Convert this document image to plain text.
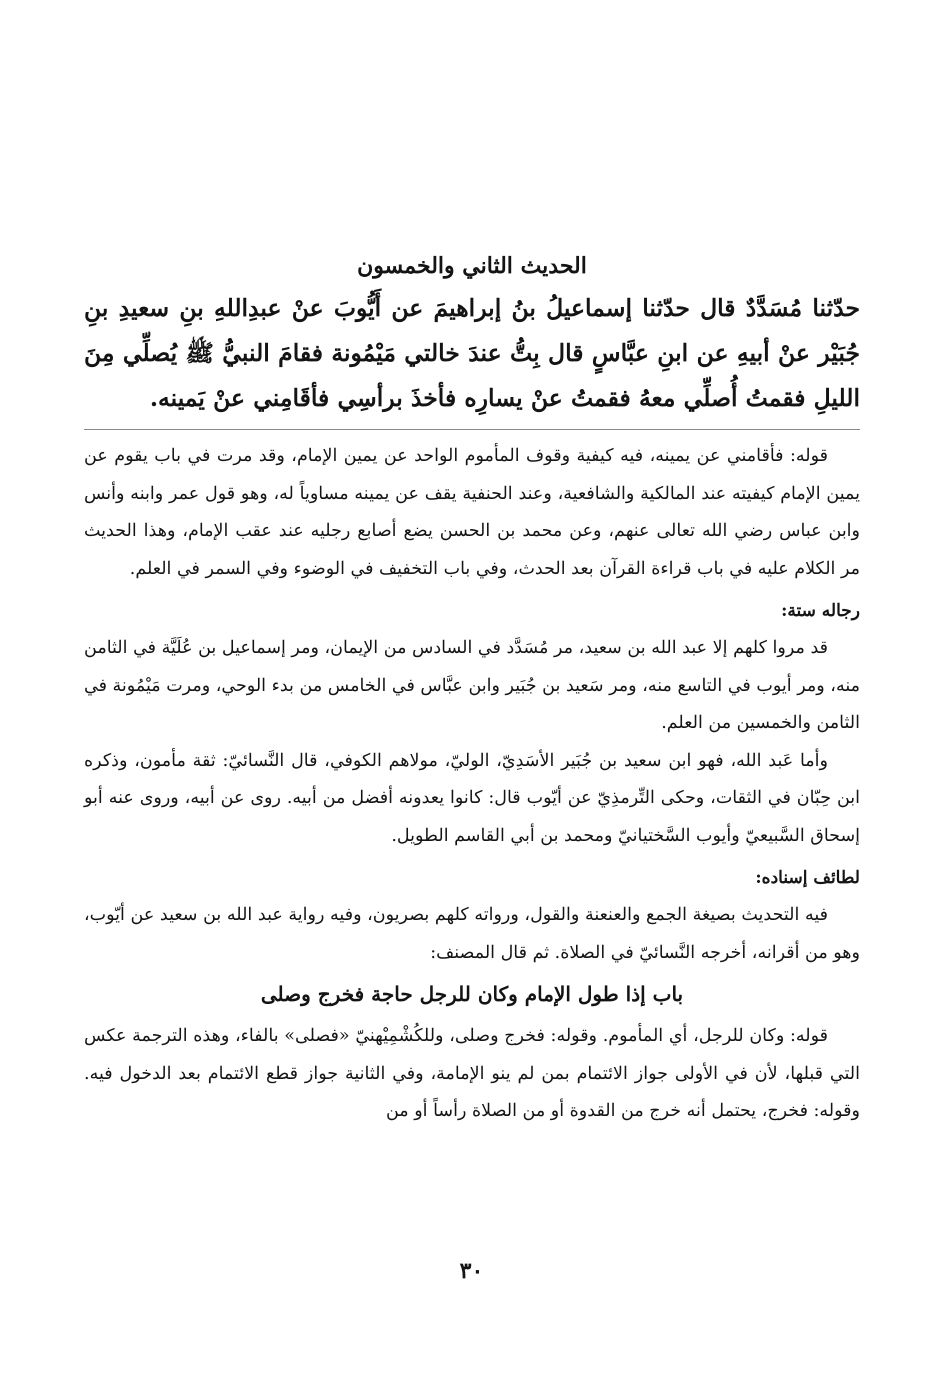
الحديث الثاني والخمسون

حدّثنا مُسَدَّدٌ قال حدّثنا إسماعيلُ بنُ إبراهيمَ عن أَيُّوبَ عنْ عبدِاللهِ بنِ سعيدِ بنِ جُبَيْر عنْ أبيهِ عن ابنِ عبَّاسٍ قال بِتُّ عندَ خالتي مَيْمُونة فقامَ النبيُّ ﷺ يُصلِّي مِنَ الليلِ فقمتُ أُصلِّي معهُ فقمتُ عنْ يسارِه فأخذَ برأسِي فأقَامِني عنْ يَمينه.

قوله: فأقامني عن يمينه، فيه كيفية وقوف المأموم الواحد عن يمين الإمام، وقد مرت في باب يقوم عن يمين الإمام كيفيته عند المالكية والشافعية، وعند الحنفية يقف عن يمينه مساوياً له، وهو قول عمر وابنه وأنس وابن عباس رضي الله تعالى عنهم، وعن محمد بن الحسن يضع أصابع رجليه عند عقب الإمام، وهذا الحديث مر الكلام عليه في باب قراءة القرآن بعد الحدث، وفي باب التخفيف في الوضوء وفي السمر في العلم.

رجاله ستة:

قد مروا كلهم إلا عبد الله بن سعيد، مر مُسَدَّد في السادس من الإيمان، ومر إسماعيل بن عُلَيَّة في الثامن منه، ومر أيوب في التاسع منه، ومر سَعيد بن جُبَير وابن عبَّاس في الخامس من بدء الوحي، ومرت مَيْمُونة في الثامن والخمسين من العلم.

وأما عَبد الله، فهو ابن سعيد بن جُبَير الأسَدِيّ، الوليّ، مولاهم الكوفي، قال النَّسائيّ: ثقة مأمون، وذكره ابن حِبّان في الثقات، وحكى التِّرمذِيّ عن أيّوب قال: كانوا يعدونه أفضل من أبيه. روى عن أبيه، وروى عنه أبو إسحاق السَّبيعيّ وأيوب السَّختيانيّ ومحمد بن أبي القاسم الطويل.

لطائف إسناده:

فيه التحديث بصيغة الجمع والعنعنة والقول، ورواته كلهم بصريون، وفيه رواية عبد الله بن سعيد عن أيّوب، وهو من أقرانه، أخرجه النَّسائيّ في الصلاة. ثم قال المصنف:

باب إذا طول الإمام وكان للرجل حاجة فخرج وصلى

قوله: وكان للرجل، أي المأموم. وقوله: فخرج وصلى، وللكُشْمِيْهنيّ «فصلى» بالفاء، وهذه الترجمة عكس التي قبلها، لأن في الأولى جواز الائتمام بمن لم ينو الإمامة، وفي الثانية جواز قطع الائتمام بعد الدخول فيه. وقوله: فخرج، يحتمل أنه خرج من القدوة أو من الصلاة رأساً أو من

٣٠
